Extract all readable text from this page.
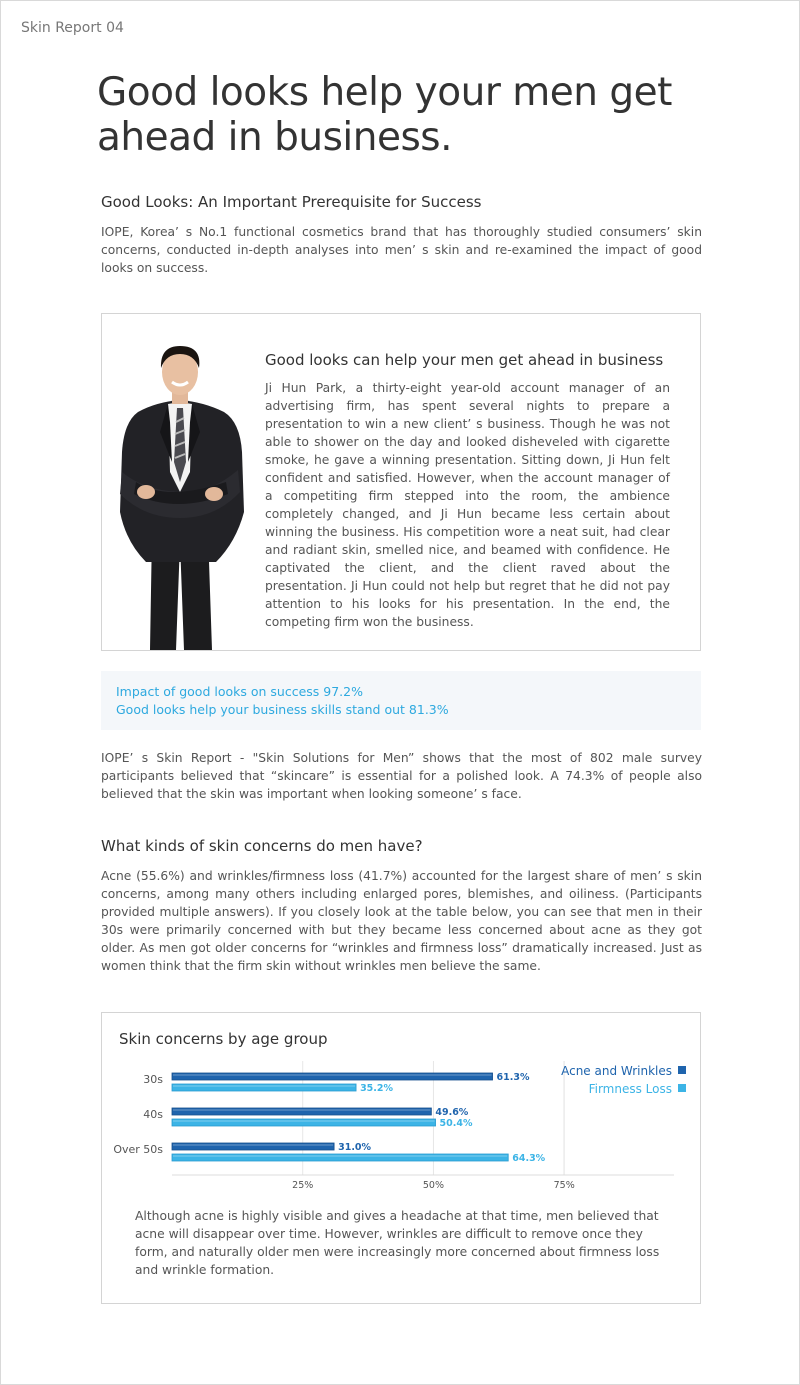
Skin Report 04
Good looks help your men get ahead in business.
Good Looks: An Important Prerequisite for Success

IOPE, Korea’ s No.1 functional cosmetics brand that has thoroughly studied consumers’ skin concerns, conducted in-depth analyses into men’ s skin and re-examined the impact of good looks on success.

Good looks can help your men get ahead in business

Ji Hun Park, a thirty-eight year-old account manager of an advertising firm, has spent several nights to prepare a presentation to win a new client’ s business. Though he was not able to shower on the day and looked disheveled with cigarette smoke, he gave a winning presentation. Sitting down, Ji Hun felt confident and satisfied. However, when the account manager of a competiting firm stepped into the room, the ambience completely changed, and Ji Hun became less certain about winning the business. His competition wore a neat suit, had clear and radiant skin, smelled nice, and beamed with confidence. He captivated the client, and the client raved about the presentation. Ji Hun could not help but regret that he did not pay attention to his looks for his presentation. In the end, the competing firm won the business.

Impact of good looks on success 97.2%
Good looks help your business skills stand out 81.3%

IOPE’ s Skin Report - "Skin Solutions for Men” shows that the most of 802 male survey participants believed that “skincare” is essential for a polished look. A 74.3% of people also believed that the skin was important when looking someone’ s face.

What kinds of skin concerns do men have?

Acne (55.6%) and wrinkles/firmness loss (41.7%) accounted for the largest share of men’ s skin concerns, among many others including enlarged pores, blemishes, and oiliness. (Participants provided multiple answers). If you closely look at the table below, you can see that men in their 30s were primarily concerned with but they became less concerned about acne as they got older. As men got older concerns for “wrinkles and firmness loss” dramatically increased. Just as women think that the firm skin without wrinkles men believe the same.

Skin concerns by age group
25%	50%	75%
30s	61.3%
35.2%
40s	49.6%
50.4%
Over 50s	31.0%
64.3%
Acne and Wrinkles
Firmness Loss

Although acne is highly visible and gives a headache at that time, men believed that acne will disappear over time. However, wrinkles are difficult to remove once they form, and naturally older men were increasingly more concerned about firmness loss and wrinkle formation.
